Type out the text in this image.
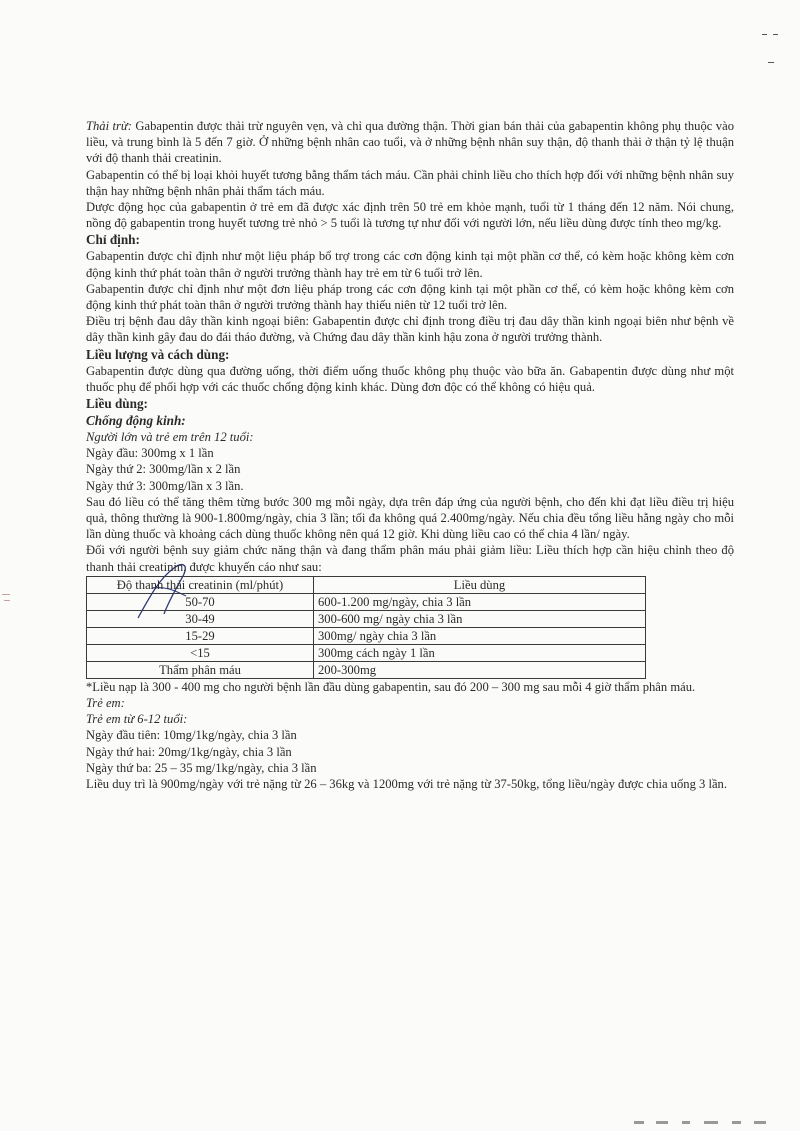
Thải trừ: Gabapentin được thải trừ nguyên vẹn, và chỉ qua đường thận. Thời gian bán thải của gabapentin không phụ thuộc vào liều, và trung bình là 5 đến 7 giờ. Ở những bệnh nhân cao tuổi, và ở những bệnh nhân suy thận, độ thanh thải ở thận tỷ lệ thuận với độ thanh thải creatinin.

Gabapentin có thể bị loại khỏi huyết tương bằng thẩm tách máu. Cần phải chỉnh liều cho thích hợp đối với những bệnh nhân suy thận hay những bệnh nhân phải thẩm tách máu.

Dược động học của gabapentin ở trẻ em đã được xác định trên 50 trẻ em khỏe mạnh, tuổi từ 1 tháng đến 12 năm. Nói chung, nồng độ gabapentin trong huyết tương trẻ nhỏ > 5 tuổi là tương tự như đối với người lớn, nếu liều dùng được tính theo mg/kg.

Chỉ định:

Gabapentin được chỉ định như một liệu pháp bổ trợ trong các cơn động kinh tại một phần cơ thể, có kèm hoặc không kèm cơn động kinh thứ phát toàn thân ở người trưởng thành hay trẻ em từ 6 tuổi trở lên.

Gabapentin được chỉ định như một đơn liệu pháp trong các cơn động kinh tại một phần cơ thể, có kèm hoặc không kèm cơn động kinh thứ phát toàn thân ở người trưởng thành hay thiếu niên từ 12 tuổi trở lên.

Điều trị bệnh đau dây thần kinh ngoại biên: Gabapentin được chỉ định trong điều trị đau dây thần kinh ngoại biên như bệnh về dây thần kinh gây đau do đái tháo đường, và Chứng đau dây thần kinh hậu zona ở người trưởng thành.

Liều lượng và cách dùng:

Gabapentin được dùng qua đường uống, thời điểm uống thuốc không phụ thuộc vào bữa ăn. Gabapentin được dùng như một thuốc phụ để phối hợp với các thuốc chống động kinh khác. Dùng đơn độc có thể không có hiệu quả.

Liều dùng:

Chống động kinh:

Người lớn và trẻ em trên 12 tuổi:

Ngày đầu: 300mg x 1 lần

Ngày thứ 2: 300mg/lần x 2 lần

Ngày thứ 3: 300mg/lần x 3 lần.

Sau đó liều có thể tăng thêm từng bước 300 mg mỗi ngày, dựa trên đáp ứng của người bệnh, cho đến khi đạt liều điều trị hiệu quả, thông thường là 900-1.800mg/ngày, chia 3 lần; tối đa không quá 2.400mg/ngày. Nếu chia đều tổng liều hằng ngày cho mỗi lần dùng thuốc và khoảng cách dùng thuốc không nên quá 12 giờ. Khi dùng liều cao có thể chia 4 lần/ ngày.

Đối với người bệnh suy giảm chức năng thận và đang thẩm phân máu phải giảm liều: Liều thích hợp cần hiệu chỉnh theo độ thanh thải creatinin, được khuyến cáo như sau:

Độ thanh thải creatinin (ml/phút)	Liều dùng
50-70	600-1.200 mg/ngày, chia 3 lần
30-49	300-600 mg/ ngày chia 3 lần
15-29	300mg/ ngày chia 3 lần
<15	300mg cách ngày 1 lần
Thẩm phân máu	200-300mg

*Liều nạp là 300 - 400 mg cho người bệnh lần đầu dùng gabapentin, sau đó 200 – 300 mg sau mỗi 4 giờ thẩm phân máu.

Trẻ em:

Trẻ em từ 6-12 tuổi:

Ngày đầu tiên: 10mg/1kg/ngày, chia 3 lần

Ngày thứ hai: 20mg/1kg/ngày, chia 3 lần

Ngày thứ ba: 25 – 35 mg/1kg/ngày, chia 3 lần

Liều duy trì là 900mg/ngày với trẻ nặng từ 26 – 36kg và 1200mg với trẻ nặng từ 37-50kg, tổng liều/ngày được chia uống 3 lần.
